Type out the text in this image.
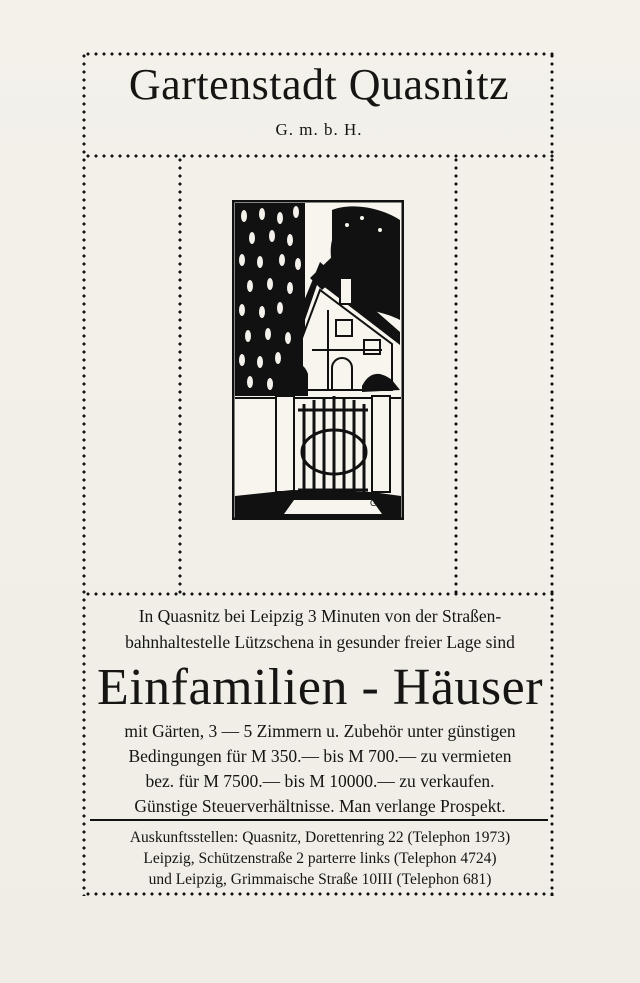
Gartenstadt Quasnitz
G. m. b. H.
GAS
In Quasnitz bei Leipzig 3 Minuten von der Straßen-
bahnhaltestelle Lützschena in gesunder freier Lage sind
Einfamilien - Häuser
mit Gärten, 3 — 5 Zimmern u. Zubehör unter günstigen
Bedingungen für M 350.— bis M 700.— zu vermieten
bez. für M 7500.— bis M 10000.— zu verkaufen.
Günstige Steuerverhältnisse. Man verlange Prospekt.
Auskunftsstellen: Quasnitz, Dorettenring 22 (Telephon 1973)
Leipzig, Schützenstraße 2 parterre links (Telephon 4724)
und Leipzig, Grimmaische Straße 10III (Telephon 681)
